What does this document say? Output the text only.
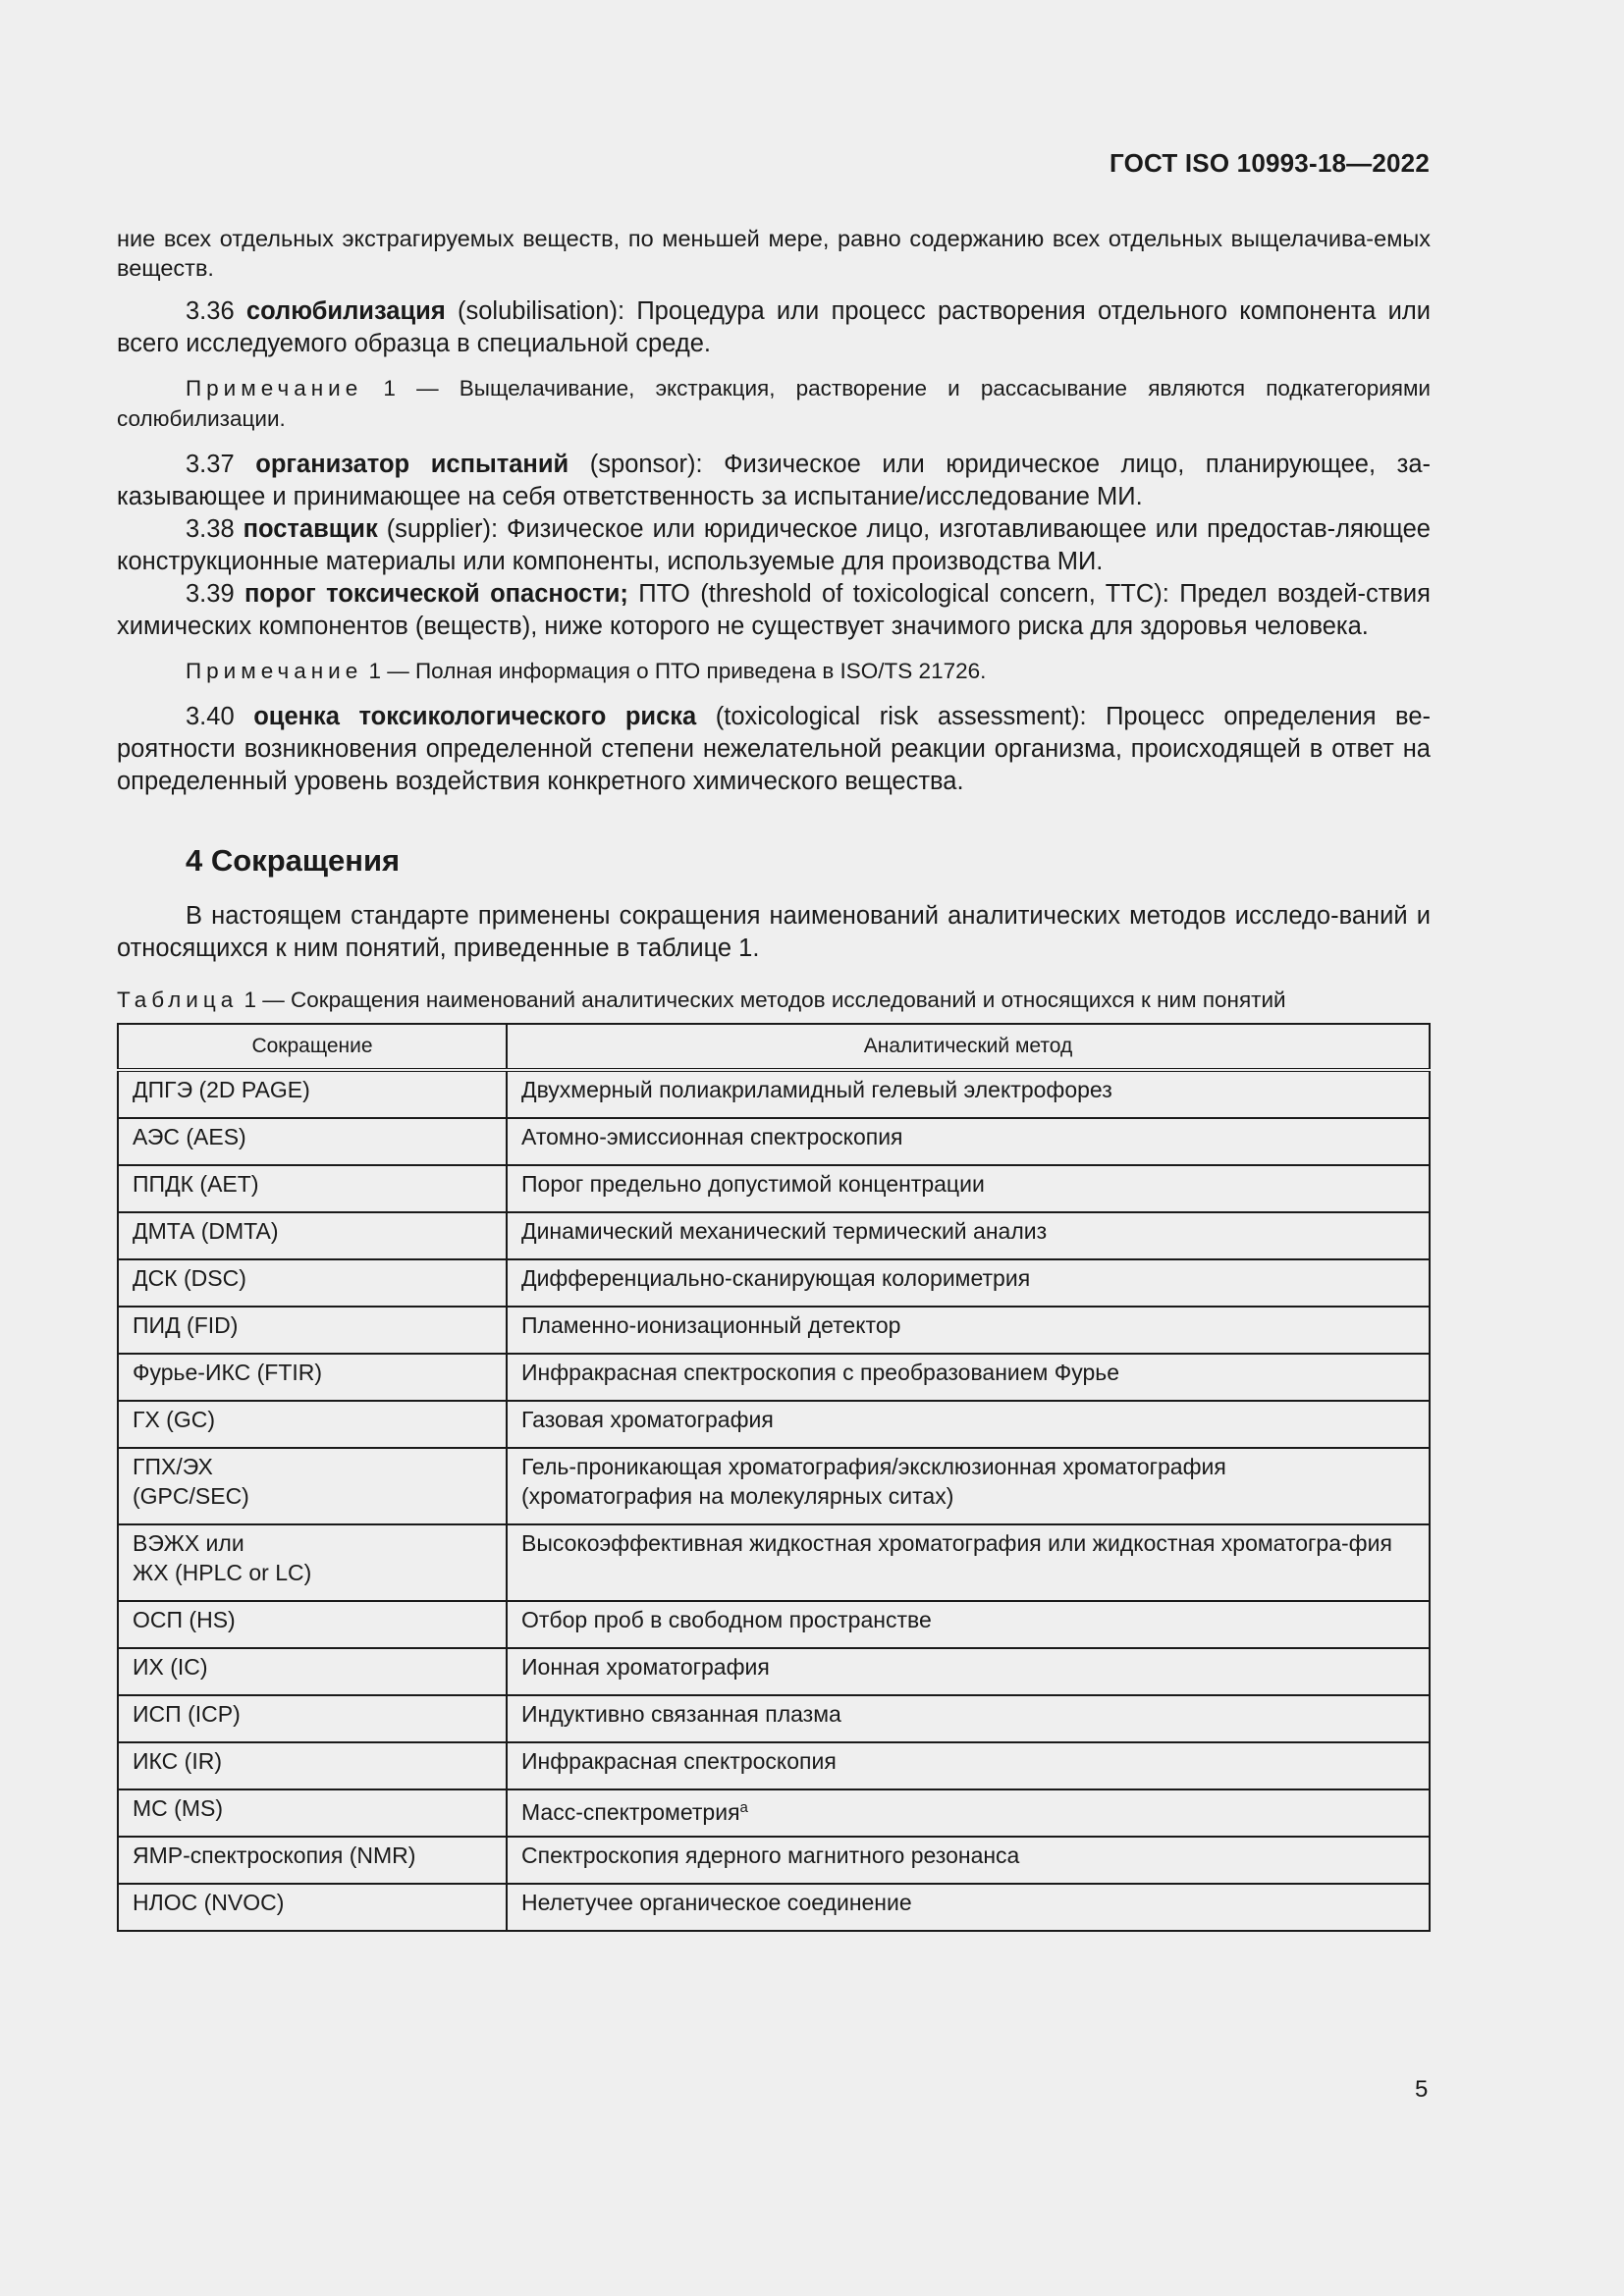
ГОСТ ISO 10993-18—2022

ние всех отдельных экстрагируемых веществ, по меньшей мере, равно содержанию всех отдельных выщелачива-емых веществ.

3.36 солюбилизация (solubilisation): Процедура или процесс растворения отдельного компонента или всего исследуемого образца в специальной среде.

Примечание 1 — Выщелачивание, экстракция, растворение и рассасывание являются подкатегориями солюбилизации.

3.37 организатор испытаний (sponsor): Физическое или юридическое лицо, планирующее, за-казывающее и принимающее на себя ответственность за испытание/исследование МИ.

3.38 поставщик (supplier): Физическое или юридическое лицо, изготавливающее или предостав-ляющее конструкционные материалы или компоненты, используемые для производства МИ.

3.39 порог токсической опасности; ПТО (threshold of toxicological concern, TTC): Предел воздей-ствия химических компонентов (веществ), ниже которого не существует значимого риска для здоровья человека.

Примечание 1 — Полная информация о ПТО приведена в ISO/TS 21726.

3.40 оценка токсикологического риска (toxicological risk assessment): Процесс определения ве-роятности возникновения определенной степени нежелательной реакции организма, происходящей в ответ на определенный уровень воздействия конкретного химического вещества.

4 Сокращения

В настоящем стандарте применены сокращения наименований аналитических методов исследо-ваний и относящихся к ним понятий, приведенные в таблице 1.

Таблица 1 — Сокращения наименований аналитических методов исследований и относящихся к ним понятий
Сокращение	Аналитический метод
ДПГЭ (2D PAGE)	Двухмерный полиакриламидный гелевый электрофорез
АЭС (AES)	Атомно-эмиссионная спектроскопия
ППДК (AET)	Порог предельно допустимой концентрации
ДМТА (DMTA)	Динамический механический термический анализ
ДСК (DSC)	Дифференциально-сканирующая колориметрия
ПИД (FID)	Пламенно-ионизационный детектор
Фурье-ИКС (FTIR)	Инфракрасная спектроскопия с преобразованием Фурье
ГХ (GC)	Газовая хроматография
ГПХ/ЭХ
(GPC/SEC)	Гель-проникающая хроматография/эксклюзионная хроматография
(хроматография на молекулярных ситах)
ВЭЖХ или
ЖХ (HPLC or LC)	Высокоэффективная жидкостная хроматография или жидкостная хроматогра-фия
ОСП (HS)	Отбор проб в свободном пространстве
ИХ (IC)	Ионная хроматография
ИСП (ICP)	Индуктивно связанная плазма
ИКС (IR)	Инфракрасная спектроскопия
МС (MS)	Масс-спектрометрия$^a$
ЯМР-спектроскопия (NMR)	Спектроскопия ядерного магнитного резонанса
НЛОС (NVOC)	Нелетучее органическое соединение
5
